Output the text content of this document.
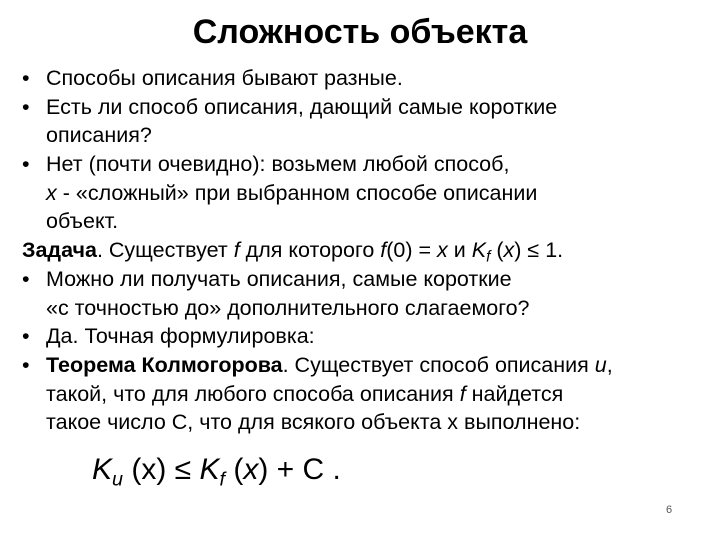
Сложность объекта
• Способы описания бывают разные.
• Есть ли способ описания, дающий самые короткие
описания?
• Нет (почти очевидно): возьмем любой способ,
x - «сложный» при выбранном способе описании
объект.
Задача. Существует f для которого f(0) = x и $K_f$ (x) ≤ 1.
• Можно ли получать описания, самые короткие
«с точностью до» дополнительного слагаемого?
• Да. Точная формулировка:
• Теорема Колмогорова. Существует способ описания u,
такой, что для любого способа описания f найдется
такое число С, что для всякого объекта х выполнено:
$K_u$ $(x) \le K_f$ (x) + C .
6
